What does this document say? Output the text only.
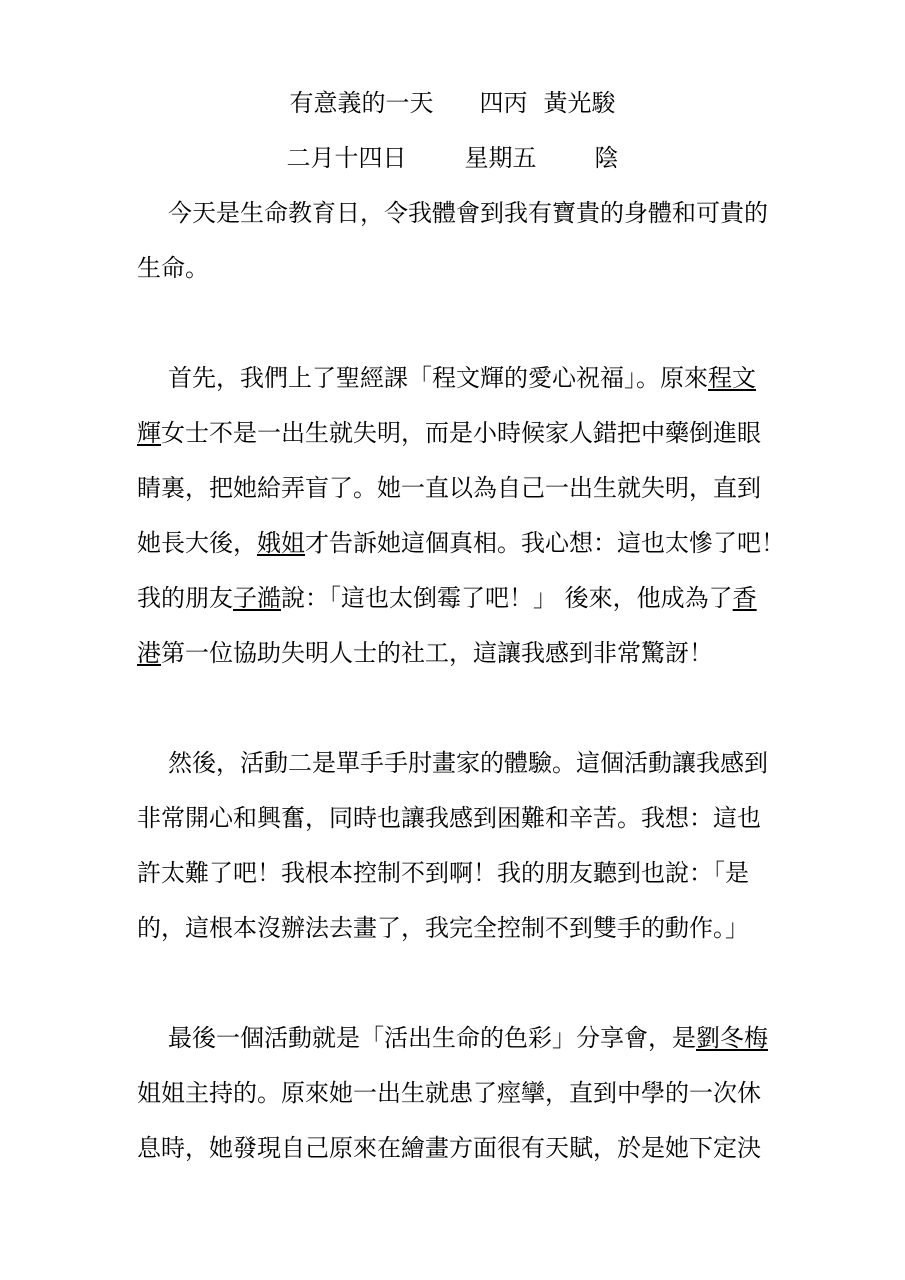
有意義的一天 四丙 黃光駿
二月十四日 星期五 陰
今天是生命教育日，令我體會到我有寶貴的身體和可貴的
生命。
首先，我們上了聖經課「程文輝的愛心祝福」。原來程文
輝女士不是一出生就失明，而是小時候家人錯把中藥倒進眼
睛裏，把她給弄盲了。她一直以為自己一出生就失明，直到
她長大後，娥姐才告訴她這個真相。我心想：這也太慘了吧！
我的朋友子澔說：「這也太倒霉了吧！」 後來，他成為了香
港第一位協助失明人士的社工，這讓我感到非常驚訝！
然後，活動二是單手手肘畫家的體驗。這個活動讓我感到
非常開心和興奮，同時也讓我感到困難和辛苦。我想：這也
許太難了吧！我根本控制不到啊！我的朋友聽到也說：「是
的，這根本沒辦法去畫了，我完全控制不到雙手的動作。」
最後一個活動就是「活出生命的色彩」分享會，是劉冬梅
姐姐主持的。原來她一出生就患了痙攣，直到中學的一次休
息時，她發現自己原來在繪畫方面很有天賦，於是她下定決
